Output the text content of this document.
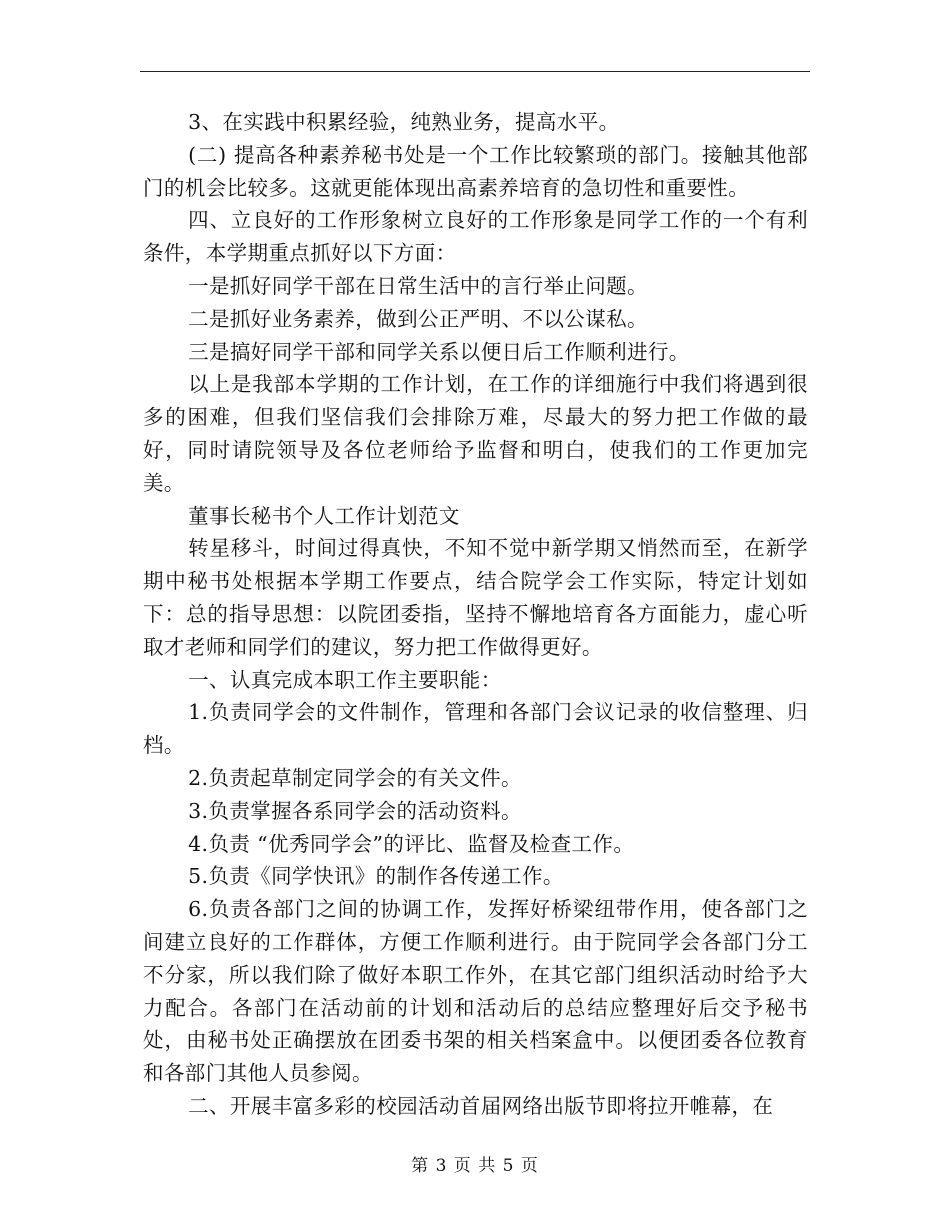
3、在实践中积累经验，纯熟业务，提高水平。

(二) 提高各种素养秘书处是一个工作比较繁琐的部门。接触其他部门的机会比较多。这就更能体现出高素养培育的急切性和重要性。

四、立良好的工作形象树立良好的工作形象是同学工作的一个有利条件，本学期重点抓好以下方面：

一是抓好同学干部在日常生活中的言行举止问题。

二是抓好业务素养，做到公正严明、不以公谋私。

三是搞好同学干部和同学关系以便日后工作顺利进行。

以上是我部本学期的工作计划，在工作的详细施行中我们将遇到很多的困难，但我们坚信我们会排除万难，尽最大的努力把工作做的最好，同时请院领导及各位老师给予监督和明白，使我们的工作更加完美。

董事长秘书个人工作计划范文

转星移斗，时间过得真快，不知不觉中新学期又悄然而至，在新学期中秘书处根据本学期工作要点，结合院学会工作实际，特定计划如下：总的指导思想：以院团委指，坚持不懈地培育各方面能力，虚心听取才老师和同学们的建议，努力把工作做得更好。

一、认真完成本职工作主要职能：

1.负责同学会的文件制作，管理和各部门会议记录的收信整理、归档。

2.负责起草制定同学会的有关文件。

3.负责掌握各系同学会的活动资料。

4.负责 “优秀同学会”的评比、监督及检查工作。

5.负责《同学快讯》的制作各传递工作。

6.负责各部门之间的协调工作，发挥好桥梁纽带作用，使各部门之间建立良好的工作群体，方便工作顺利进行。由于院同学会各部门分工不分家，所以我们除了做好本职工作外，在其它部门组织活动时给予大力配合。各部门在活动前的计划和活动后的总结应整理好后交予秘书处，由秘书处正确摆放在团委书架的相关档案盒中。以便团委各位教育和各部门其他人员参阅。

二、开展丰富多彩的校园活动首届网络出版节即将拉开帷幕，在

第 3 页 共 5 页
